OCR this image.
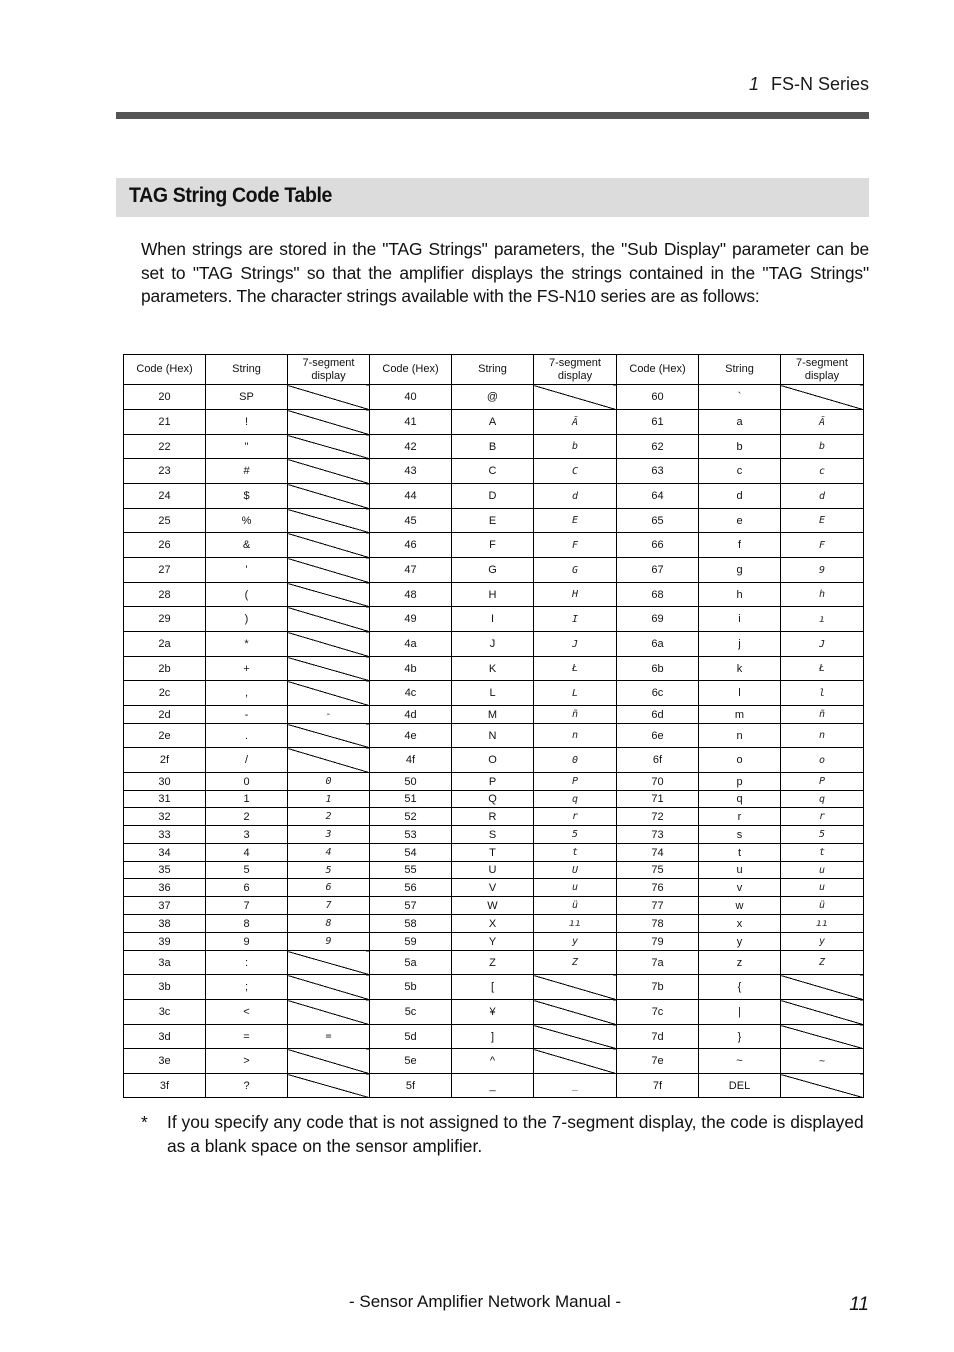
1 FS-N Series
TAG String Code Table

When strings are stored in the "TAG Strings" parameters, the "Sub Display" parameter can be set to "TAG Strings" so that the amplifier displays the strings contained in the "TAG Strings" parameters. The character strings available with the FS-N10 series are as follows:

Code (Hex)	String	7-segment display	Code (Hex)	String	7-segment display	Code (Hex)	String	7-segment display
20	SP		40	@		60	`	
21	!		41	A	Ā	61	a	Ā
22	"		42	B	b	62	b	b
23	#		43	C	C	63	c	c
24	$		44	D	d	64	d	d
25	%		45	E	E	65	e	E
26	&		46	F	F	66	f	F
27	'		47	G	G	67	g	9
28	(		48	H	H	68	h	h
29	)		49	I	I	69	i	ı
2a	*		4a	J	J	6a	j	J
2b	+		4b	K	Ł	6b	k	Ł
2c	,		4c	L	L	6c	l	l
2d	-	-	4d	M	ñ	6d	m	ñ
2e	.		4e	N	n	6e	n	n
2f	/		4f	O	0	6f	o	o
30	0	0	50	P	P	70	p	P
31	1	1	51	Q	q	71	q	q
32	2	2	52	R	r	72	r	r
33	3	3	53	S	5	73	s	5
34	4	4	54	T	t	74	t	t
35	5	5	55	U	U	75	u	u
36	6	6	56	V	u	76	v	u
37	7	7	57	W	ü	77	w	ü
38	8	8	58	X	ıı	78	x	ıı
39	9	9	59	Y	y	79	y	y
3a	:		5a	Z	Z	7a	z	Z
3b	;		5b	[		7b	{	
3c	<		5c	¥		7c	|	
3d	=	=	5d	]		7d	}	
3e	>		5e	^		7e	~	~
3f	?		5f	_	_	7f	DEL	
* If you specify any code that is not assigned to the 7-segment display, the code is displayed as a blank space on the sensor amplifier.
- Sensor Amplifier Network Manual -	11
